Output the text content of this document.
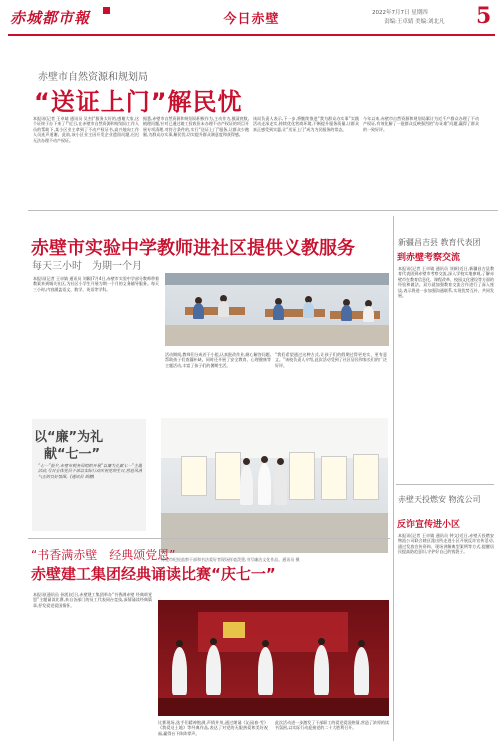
赤城都市報	今日赤壁	2022年7月7日 星期四
责编:王卓婧 美编:刘北凡 5
赤壁市自然资源和规划局
“送证上门”解民忧
本报讯(记者 王卓婧 通讯员 吴杰)“服务太好的,感谢大家,这个证终于办下来了!”近日,在赤壁市自然资源和规划局工作人员的帮助下,某小区业主拿到了不动产权证书,高兴地向工作人员连声道谢。此前,该小区业主因开发企业遗留问题,迟迟无法办理不动产权证。
据悉,赤壁市自然资源和规划局积极作为,主动作为,摸清底数,梳理问题,针对已通过竣工验收但未办理不动产权证的项目开展专项清理,对符合条件的,实行“送证上门”服务,让群众少跑腿,为群众办实事,解民忧,切实提升群众满意度和获得感。
该局负责人表示,下一步,将继续推进“我为群众办实事”实践活动走深走实,持续优化营商环境,不断提升服务质量,让群众真正感受到实惠,让“送证上门”成为为民服务的常态。
今年以来,赤壁市自然资源和规划局累计为近千户群众办理了不动产权证,有效化解了一批群众反映强烈的“办证难”问题,赢得了群众的一致好评。
赤壁市实验中学教师进社区提供义教服务
每天三小时　为期一个月
本报讯(记者 王卓婧 通讯员 刘颖)7月4日,赤壁市实验中学部分教师带着教案来到城关社区,为社区小学生开展为期一个月的义务辅导服务。每天三小时,内容涵盖语文、数学、英语等学科。
活动期间,教师们分成若干小组,认真批改作业,耐心解答问题,帮助孩子们查漏补缺。同时还开展了安全教育、心理健康等主题活动,丰富了孩子们的暑期生活。
“我们希望通过这种方式,让孩子们的假期过得更充实、更有意义。”该校负责人介绍,此次活动受到了社区居民和家长们的广泛好评。
以“廉”为礼
献“七一”
“七一”前夕,赤壁市税务局组织开展“以廉为礼献七一”主题活动,号召全体党员干部以实际行动庆祝党的生日,营造风清气正的良好氛围。(通讯员 胡静)
赤壁市纪检监察干部和书法爱好者现场挥毫泼墨,书写廉洁文化作品。通讯员 摄
“书香满赤壁　经典颂党恩”
赤壁建工集团经典诵读比赛“庆七一”
本报讯(通讯员 孙凯)近日,赤壁建工集团举办“书香满赤壁 经典颂党恩”主题诵读比赛,来自各部门的员工代表同台竞技,深情诵读经典篇章,抒发爱党爱国情怀。
比赛现场,选手们精神饱满,声情并茂,通过朗诵《沁园春·雪》《我爱这土地》等经典作品,表达了对党的无限热爱和美好祝福,赢得台下阵阵掌声。
此次活动进一步激发了干部职工的爱党爱国热情,营造了浓厚的读书氛围,以实际行动迎接党的二十大胜利召开。
新疆昌吉县 教育代表团
到赤壁考察交流
本报讯(记者 王卓婧 通讯员 刘新)近日,新疆昌吉县教育代表团到赤壁市考察交流,深入学校实地参观,了解赤壁市在教育信息化、课程改革、校园文化建设等方面的经验和做法。双方就加强教育交流合作进行了深入座谈,表示将进一步加强沟通联系,实现优势互补、共同发展。
赤壁天投燃安 物流公司
反诈宣传进小区
本报讯(记者 王卓婧 通讯员 钟文)近日,赤壁天投燃安物流公司联合辖区派出所走进小区开展反诈宣传活动,通过发放宣传资料、现场讲解典型案例等方式,提醒居民提高防范意识,守护好自己的钱袋子。
